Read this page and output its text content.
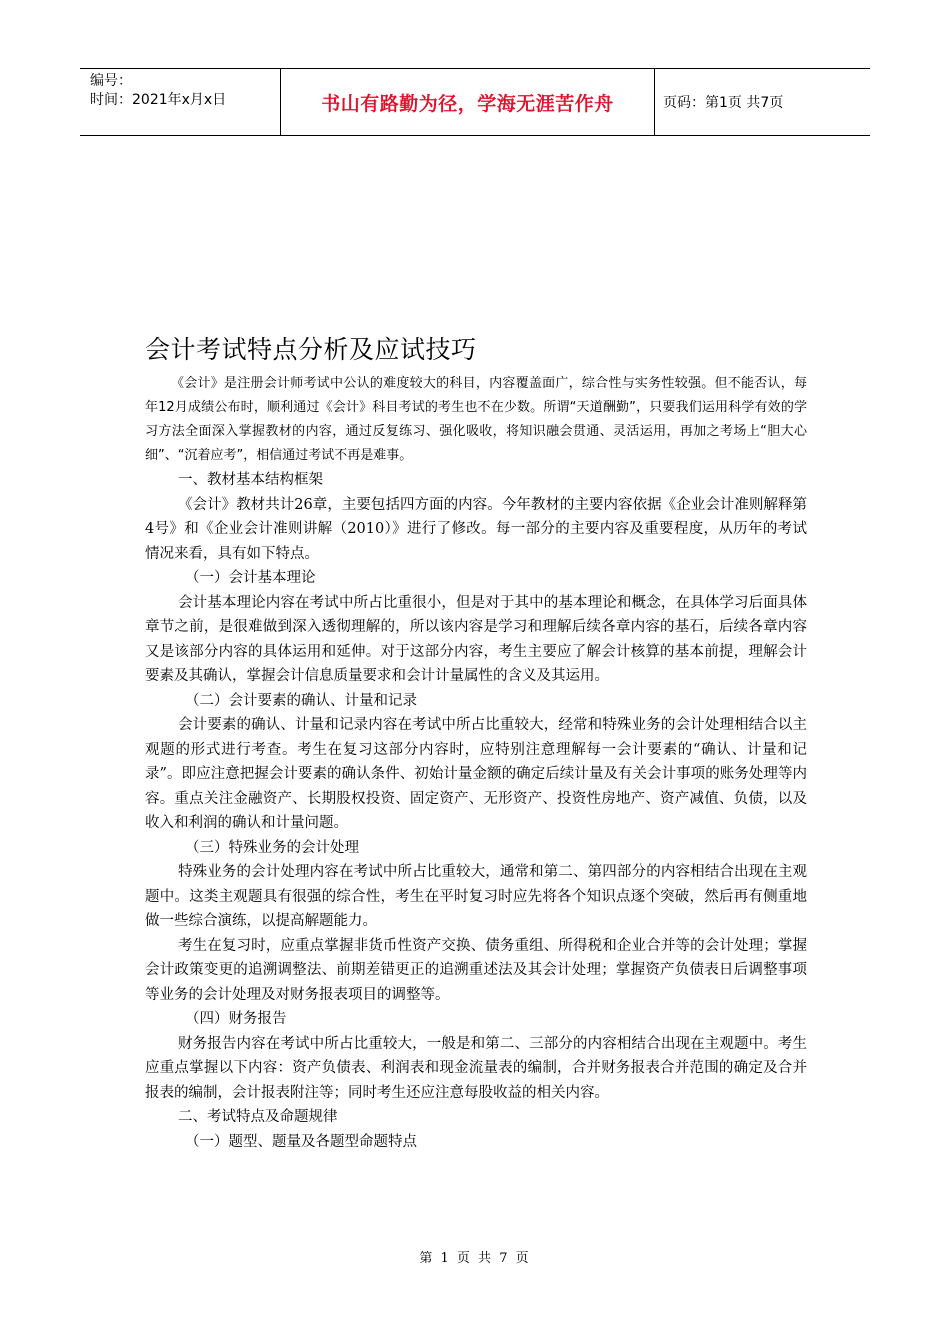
编号：
时间：2021年x月x日	书山有路勤为径，学海无涯苦作舟	页码：第1页 共7页
会计考试特点分析及应试技巧

《会计》是注册会计师考试中公认的难度较大的科目，内容覆盖面广，综合性与实务性较强。但不能否认，每年12月成绩公布时，顺利通过《会计》科目考试的考生也不在少数。所谓“天道酬勤”，只要我们运用科学有效的学习方法全面深入掌握教材的内容，通过反复练习、强化吸收，将知识融会贯通、灵活运用，再加之考场上“胆大心细”、“沉着应考”，相信通过考试不再是难事。

一、教材基本结构框架

《会计》教材共计26章，主要包括四方面的内容。今年教材的主要内容依据《企业会计准则解释第4号》和《企业会计准则讲解（2010）》进行了修改。每一部分的主要内容及重要程度，从历年的考试情况来看，具有如下特点。

（一）会计基本理论

会计基本理论内容在考试中所占比重很小，但是对于其中的基本理论和概念，在具体学习后面具体章节之前，是很难做到深入透彻理解的，所以该内容是学习和理解后续各章内容的基石，后续各章内容又是该部分内容的具体运用和延伸。对于这部分内容，考生主要应了解会计核算的基本前提，理解会计要素及其确认，掌握会计信息质量要求和会计计量属性的含义及其运用。

（二）会计要素的确认、计量和记录

会计要素的确认、计量和记录内容在考试中所占比重较大，经常和特殊业务的会计处理相结合以主观题的形式进行考查。考生在复习这部分内容时，应特别注意理解每一会计要素的“确认、计量和记录”。即应注意把握会计要素的确认条件、初始计量金额的确定后续计量及有关会计事项的账务处理等内容。重点关注金融资产、长期股权投资、固定资产、无形资产、投资性房地产、资产减值、负债，以及收入和利润的确认和计量问题。

（三）特殊业务的会计处理

特殊业务的会计处理内容在考试中所占比重较大，通常和第二、第四部分的内容相结合出现在主观题中。这类主观题具有很强的综合性，考生在平时复习时应先将各个知识点逐个突破，然后再有侧重地做一些综合演练，以提高解题能力。

考生在复习时，应重点掌握非货币性资产交换、债务重组、所得税和企业合并等的会计处理；掌握会计政策变更的追溯调整法、前期差错更正的追溯重述法及其会计处理；掌握资产负债表日后调整事项等业务的会计处理及对财务报表项目的调整等。

（四）财务报告

财务报告内容在考试中所占比重较大，一般是和第二、三部分的内容相结合出现在主观题中。考生应重点掌握以下内容：资产负债表、利润表和现金流量表的编制，合并财务报表合并范围的确定及合并报表的编制，会计报表附注等；同时考生还应注意每股收益的相关内容。

二、考试特点及命题规律

（一）题型、题量及各题型命题特点

第 1 页 共 7 页
